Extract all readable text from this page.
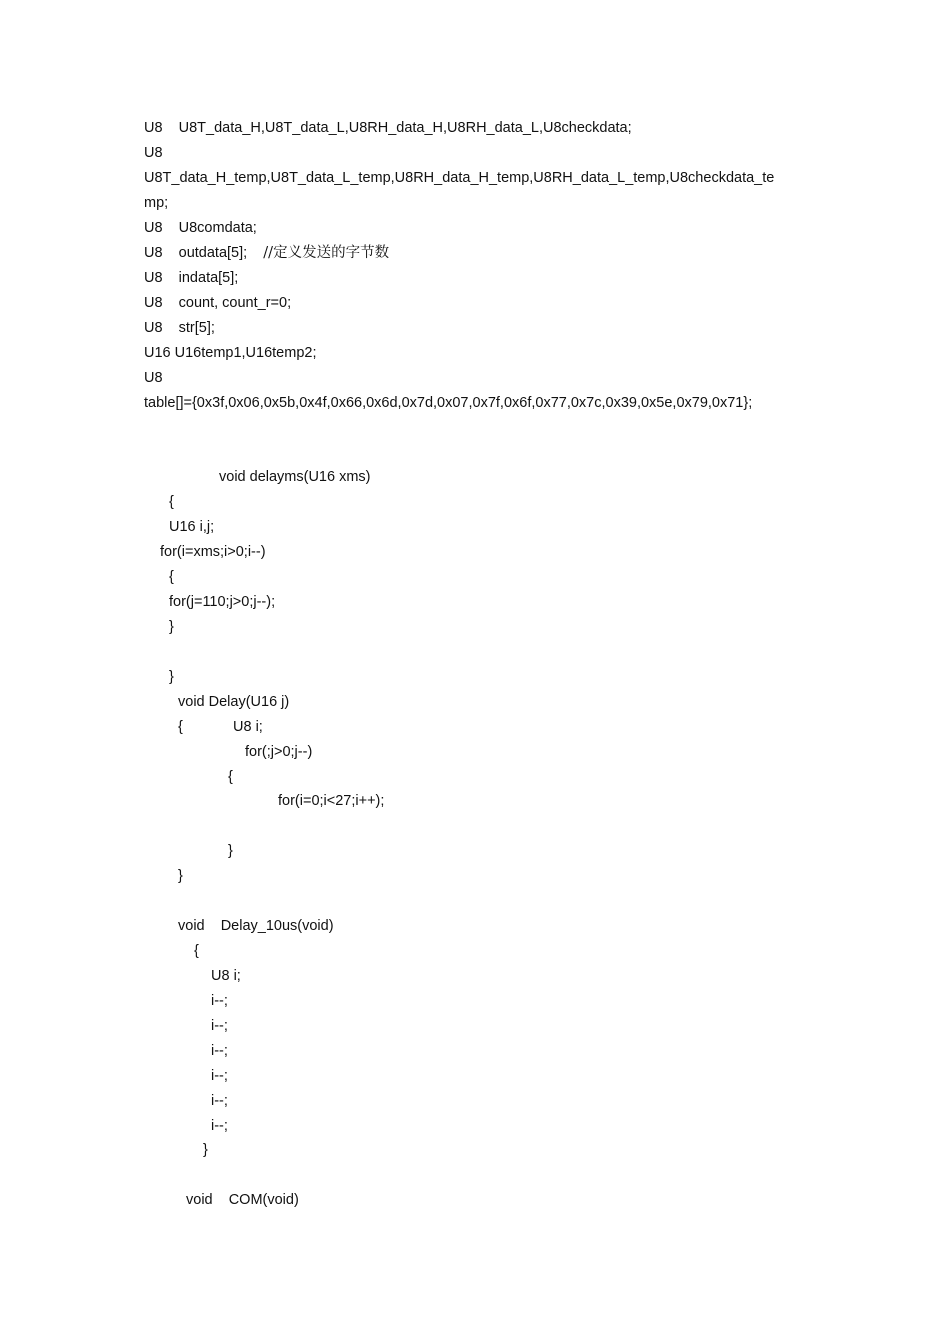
U8    U8T_data_H,U8T_data_L,U8RH_data_H,U8RH_data_L,U8checkdata;
U8
U8T_data_H_temp,U8T_data_L_temp,U8RH_data_H_temp,U8RH_data_L_temp,U8checkdata_te
mp;
U8    U8comdata;
U8    outdata[5];    //定义发送的字节数
U8    indata[5];
U8    count, count_r=0;
U8    str[5];
U16 U16temp1,U16temp2;
U8
table[]={0x3f,0x06,0x5b,0x4f,0x66,0x6d,0x7d,0x07,0x7f,0x6f,0x77,0x7c,0x39,0x5e,0x79,0x71};
void delayms(U16 xms)
{
U16 i,j;
for(i=xms;i>0;i--)
{
for(j=110;j>0;j--);
}
}
void Delay(U16 j)
{	U8 i;
for(;j>0;j--)
{
for(i=0;i<27;i++);
}
}
void    Delay_10us(void)
{
U8 i;
i--;
i--;
i--;
i--;
i--;
i--;
}
void    COM(void)
